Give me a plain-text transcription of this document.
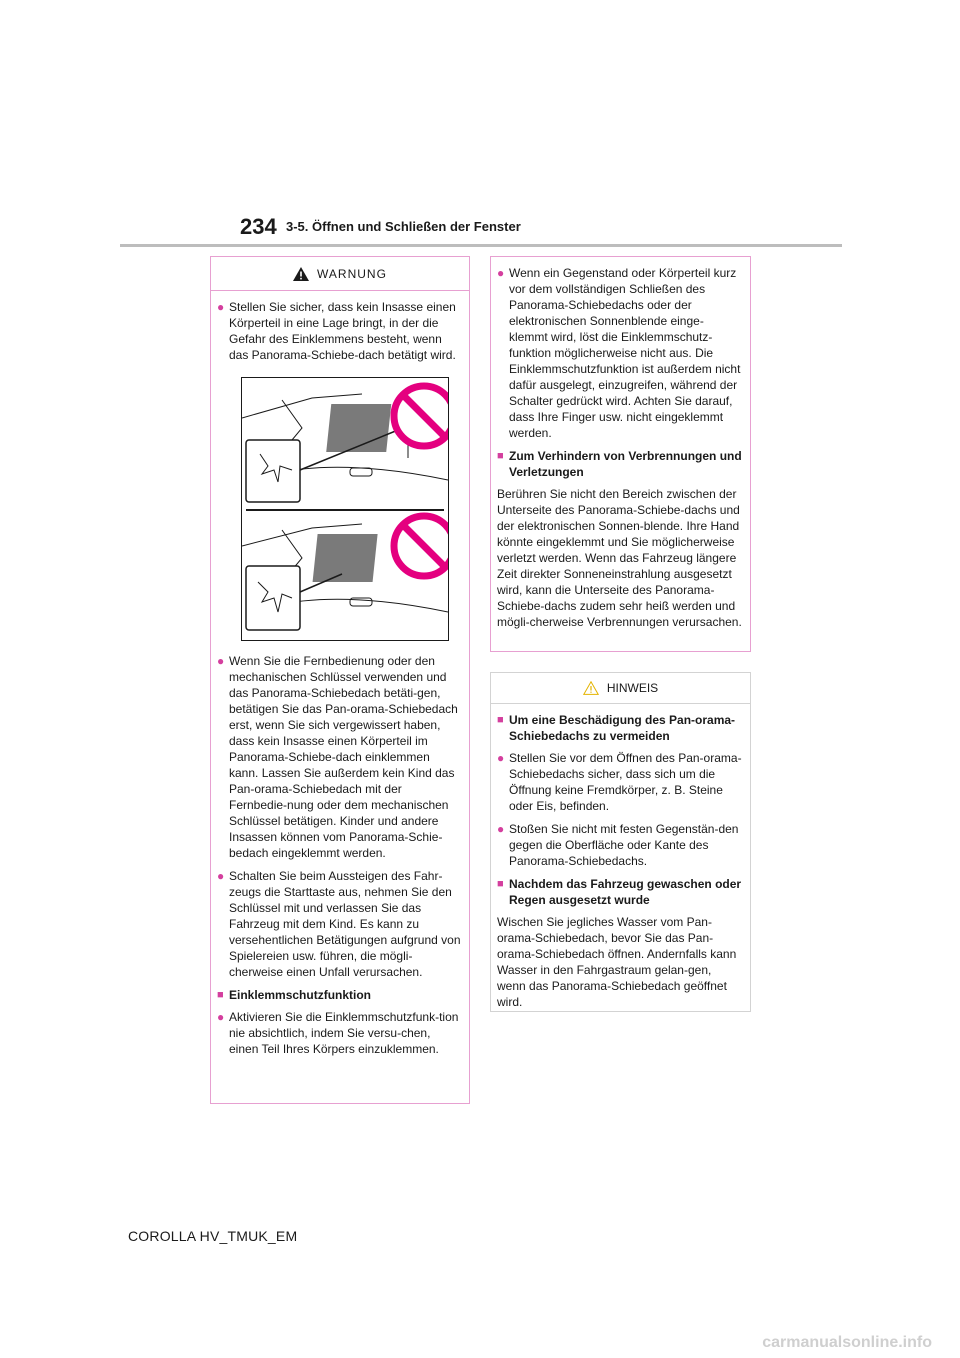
234 3-5. Öffnen und Schließen der Fenster
WARNUNG
● Stellen Sie sicher, dass kein Insasse einen Körperteil in eine Lage bringt, in der die Gefahr des Einklemmens besteht, wenn das Panorama-Schiebe-dach betätigt wird.
● Wenn Sie die Fernbedienung oder den mechanischen Schlüssel verwenden und das Panorama-Schiebedach betäti-gen, betätigen Sie das Pan-orama-Schiebedach erst, wenn Sie sich vergewissert haben, dass kein Insasse einen Körperteil im Panorama-Schiebe-dach einklemmen kann. Lassen Sie außerdem kein Kind das Pan-orama-Schiebedach mit der Fernbedie-nung oder dem mechanischen Schlüssel betätigen. Kinder und andere Insassen können vom Panorama-Schie-bedach eingeklemmt werden.
● Schalten Sie beim Aussteigen des Fahr-zeugs die Starttaste aus, nehmen Sie den Schlüssel mit und verlassen Sie das Fahrzeug mit dem Kind. Es kann zu versehentlichen Betätigungen aufgrund von Spielereien usw. führen, die mögli-cherweise einen Unfall verursachen.
■ Einklemmschutzfunktion
● Aktivieren Sie die Einklemmschutzfunk-tion nie absichtlich, indem Sie versu-chen, einen Teil Ihres Körpers einzuklemmen.
● Wenn ein Gegenstand oder Körperteil kurz vor dem vollständigen Schließen des Panorama-Schiebedachs oder der elektronischen Sonnenblende einge-klemmt wird, löst die Einklemmschutz-funktion möglicherweise nicht aus. Die Einklemmschutzfunktion ist außerdem nicht dafür ausgelegt, einzugreifen, während der Schalter gedrückt wird. Achten Sie darauf, dass Ihre Finger usw. nicht eingeklemmt werden.
■ Zum Verhindern von Verbrennungen und Verletzungen
Berühren Sie nicht den Bereich zwischen der Unterseite des Panorama-Schiebe-dachs und der elektronischen Sonnen-blende. Ihre Hand könnte eingeklemmt und Sie möglicherweise verletzt werden. Wenn das Fahrzeug längere Zeit direkter Sonneneinstrahlung ausgesetzt wird, kann die Unterseite des Panorama-Schiebe-dachs zudem sehr heiß werden und mögli-cherweise Verbrennungen verursachen.
HINWEIS
■ Um eine Beschädigung des Pan-orama-Schiebedachs zu vermeiden
● Stellen Sie vor dem Öffnen des Pan-orama-Schiebedachs sicher, dass sich um die Öffnung keine Fremdkörper, z. B. Steine oder Eis, befinden.
● Stoßen Sie nicht mit festen Gegenstän-den gegen die Oberfläche oder Kante des Panorama-Schiebedachs.
■ Nachdem das Fahrzeug gewaschen oder Regen ausgesetzt wurde
Wischen Sie jegliches Wasser vom Pan-orama-Schiebedach, bevor Sie das Pan-orama-Schiebedach öffnen. Andernfalls kann Wasser in den Fahrgastraum gelan-gen, wenn das Panorama-Schiebedach geöffnet wird.
COROLLA HV_TMUK_EM
carmanualsonline.info
